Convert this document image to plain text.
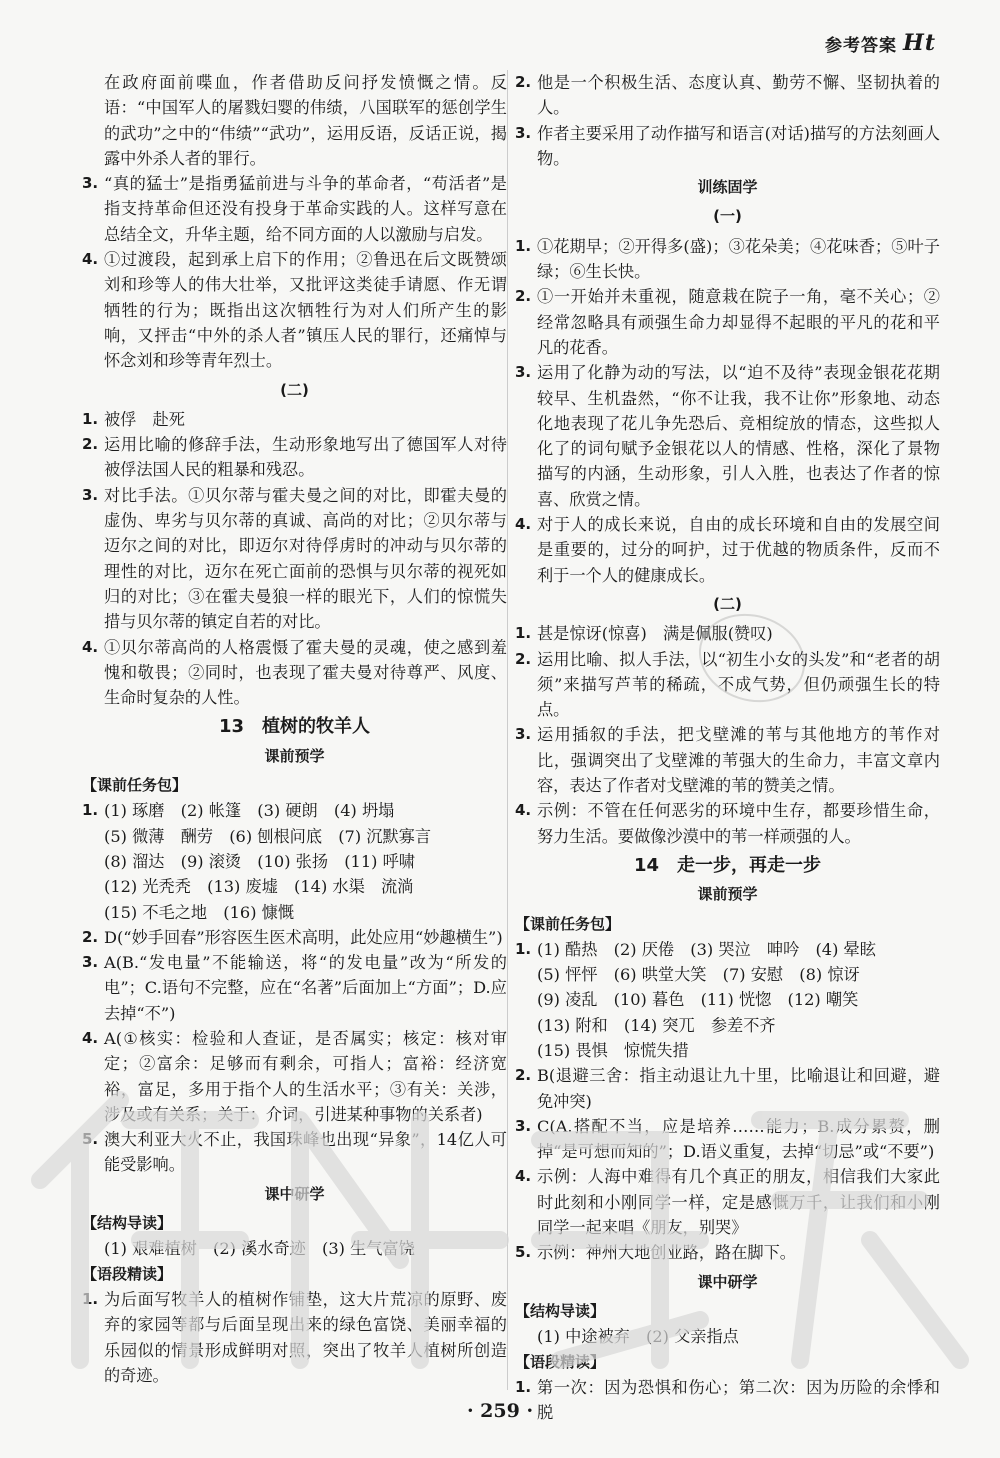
参考答案 Ht
在政府面前喋血，作者借助反问抒发愤慨之情。反语：“中国军人的屠戮妇婴的伟绩，八国联军的惩创学生的武功”之中的“伟绩”“武功”，运用反语，反话正说，揭露中外杀人者的罪行。
3. “真的猛士”是指勇猛前进与斗争的革命者，“苟活者”是指支持革命但还没有投身于革命实践的人。这样写意在总结全文，升华主题，给不同方面的人以激励与启发。
4. ①过渡段，起到承上启下的作用；②鲁迅在后文既赞颂刘和珍等人的伟大壮举，又批评这类徒手请愿、作无谓牺牲的行为；既指出这次牺牲行为对人们所产生的影响，又抨击“中外的杀人者”镇压人民的罪行，还痛悼与怀念刘和珍等青年烈士。
(二)
1. 被俘　赴死
2. 运用比喻的修辞手法，生动形象地写出了德国军人对待被俘法国人民的粗暴和残忍。
3. 对比手法。①贝尔蒂与霍夫曼之间的对比，即霍夫曼的虚伪、卑劣与贝尔蒂的真诚、高尚的对比；②贝尔蒂与迈尔之间的对比，即迈尔对待俘虏时的冲动与贝尔蒂的理性的对比，迈尔在死亡面前的恐惧与贝尔蒂的视死如归的对比；③在霍夫曼狼一样的眼光下，人们的惊慌失措与贝尔蒂的镇定自若的对比。
4. ①贝尔蒂高尚的人格震慑了霍夫曼的灵魂，使之感到羞愧和敬畏；②同时，也表现了霍夫曼对待尊严、风度、生命时复杂的人性。
13 植树的牧羊人
课前预学
【课前任务包】
1. (1) 琢磨　(2) 帐篷　(3) 硬朗　(4) 坍塌
(5) 微薄　酬劳　(6) 刨根问底　(7) 沉默寡言
(8) 溜达　(9) 滚烫　(10) 张扬　(11) 呼啸
(12) 光秃秃　(13) 废墟　(14) 水渠　流淌
(15) 不毛之地　(16) 慷慨
2. D(“妙手回春”形容医生医术高明，此处应用“妙趣横生”)
3. A(B.“发电量”不能输送，将“的发电量”改为“所发的电”；C.语句不完整，应在“名著”后面加上“方面”；D.应去掉“不”)
4. A(①核实：检验和人查证，是否属实；核定：核对审定；②富余：足够而有剩余，可指人；富裕：经济宽裕，富足，多用于指个人的生活水平；③有关：关涉，涉及或有关系；关于：介词，引进某种事物的关系者)
5. 澳大利亚大火不止，我国珠峰也出现“异象”，14亿人可能受影响。
课中研学
【结构导读】
(1) 艰难植树　(2) 溪水奇迹　(3) 生气富饶
【语段精读】
1. 为后面写牧羊人的植树作铺垫，这大片荒凉的原野、废弃的家园等都与后面呈现出来的绿色富饶、美丽幸福的乐园似的情景形成鲜明对照，突出了牧羊人植树所创造的奇迹。
2. 他是一个积极生活、态度认真、勤劳不懈、坚韧执着的人。
3. 作者主要采用了动作描写和语言(对话)描写的方法刻画人物。
训练固学
(一)
1. ①花期早；②开得多(盛)；③花朵美；④花味香；⑤叶子绿；⑥生长快。
2. ①一开始并未重视，随意栽在院子一角，毫不关心；②经常忽略具有顽强生命力却显得不起眼的平凡的花和平凡的花香。
3. 运用了化静为动的写法，以“迫不及待”表现金银花花期较早、生机盎然，“你不让我，我不让你”形象地、动态化地表现了花儿争先恐后、竞相绽放的情态，这些拟人化了的词句赋予金银花以人的情感、性格，深化了景物描写的内涵，生动形象，引人入胜，也表达了作者的惊喜、欣赏之情。
4. 对于人的成长来说，自由的成长环境和自由的发展空间是重要的，过分的呵护，过于优越的物质条件，反而不利于一个人的健康成长。
(二)
1. 甚是惊讶(惊喜)　满是佩服(赞叹)
2. 运用比喻、拟人手法，以“初生小女的头发”和“老者的胡须”来描写芦苇的稀疏，不成气势，但仍顽强生长的特点。
3. 运用插叙的手法，把戈壁滩的苇与其他地方的苇作对比，强调突出了戈壁滩的苇强大的生命力，丰富文章内容，表达了作者对戈壁滩的苇的赞美之情。
4. 示例：不管在任何恶劣的环境中生存，都要珍惜生命，努力生活。要做像沙漠中的苇一样顽强的人。
14 走一步，再走一步
课前预学
【课前任务包】
1. (1) 酷热　(2) 厌倦　(3) 哭泣　呻吟　(4) 晕眩
(5) 怦怦　(6) 哄堂大笑　(7) 安慰　(8) 惊讶
(9) 凌乱　(10) 暮色　(11) 恍惚　(12) 嘲笑
(13) 附和　(14) 突兀　参差不齐
(15) 畏惧　惊慌失措
2. B(退避三舍：指主动退让九十里，比喻退让和回避，避免冲突)
3. C(A.搭配不当，应是培养……能力；B.成分累赘，删掉“是可想而知的”；D.语义重复，去掉“切忌”或“不要”)
4. 示例：人海中难得有几个真正的朋友，相信我们大家此时此刻和小刚同学一样，定是感慨万千，让我们和小刚同学一起来唱《朋友，别哭》
5. 示例：神州大地创业路，路在脚下。
课中研学
【结构导读】
(1) 中途被弃　(2) 父亲指点
【语段精读】
1. 第一次：因为恐惧和伤心；第二次：因为历险的余悸和脱
· 259 ·
